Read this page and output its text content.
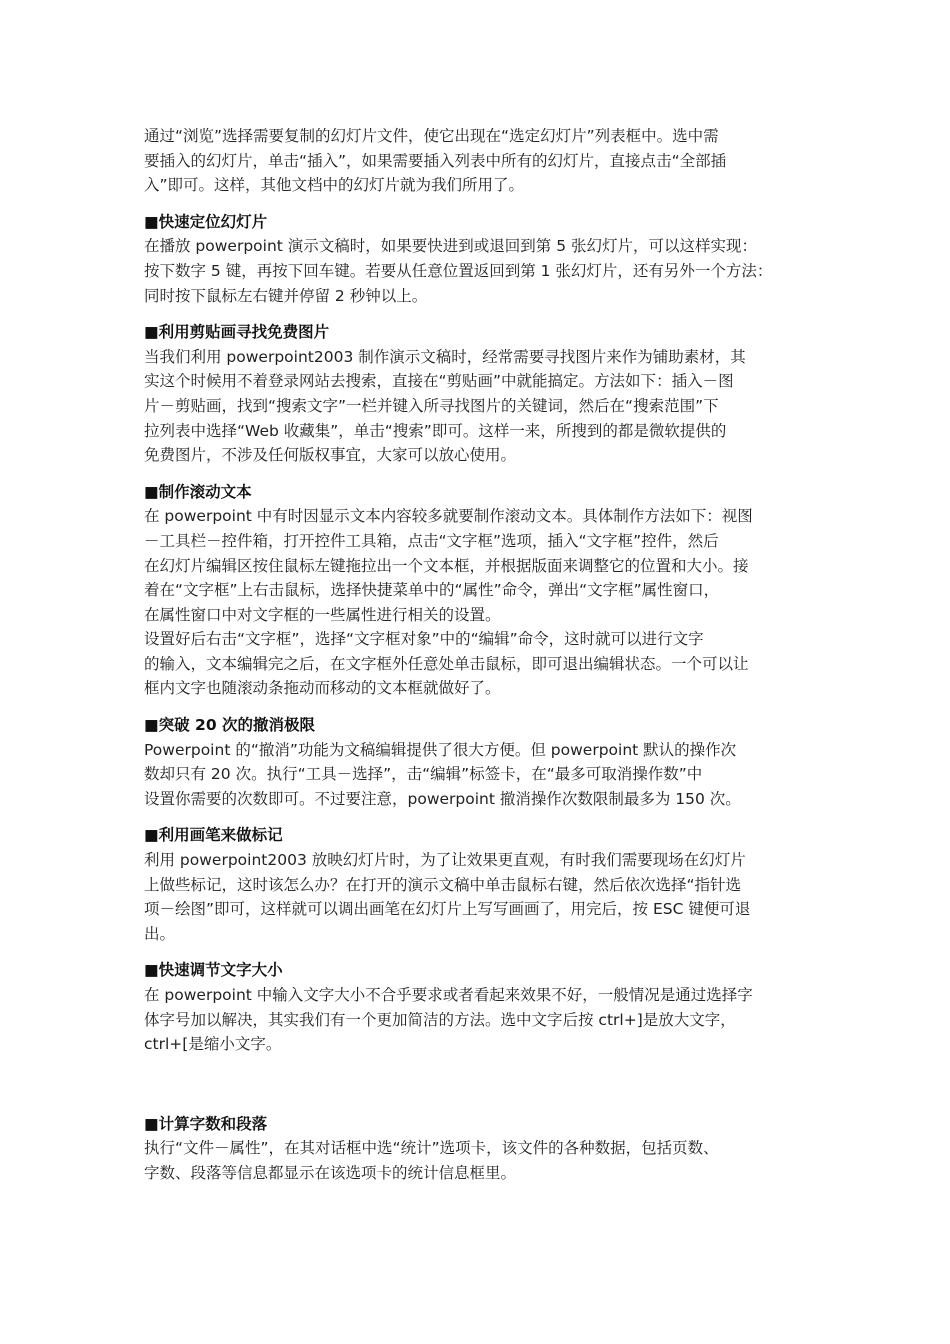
通过“浏览”选择需要复制的幻灯片文件，使它出现在“选定幻灯片”列表框中。选中需
要插入的幻灯片，单击“插入”，如果需要插入列表中所有的幻灯片，直接点击“全部插
入”即可。这样，其他文档中的幻灯片就为我们所用了。

■快速定位幻灯片

在播放 powerpoint 演示文稿时，如果要快进到或退回到第 5 张幻灯片，可以这样实现：
按下数字 5 键，再按下回车键。若要从任意位置返回到第 1 张幻灯片，还有另外一个方法：
同时按下鼠标左右键并停留 2 秒钟以上。

■利用剪贴画寻找免费图片

当我们利用 powerpoint2003 制作演示文稿时，经常需要寻找图片来作为铺助素材，其
实这个时候用不着登录网站去搜索，直接在“剪贴画”中就能搞定。方法如下：插入－图
片－剪贴画，找到“搜索文字”一栏并键入所寻找图片的关键词，然后在“搜索范围”下
拉列表中选择“Web 收藏集”，单击“搜索”即可。这样一来，所搜到的都是微软提供的
免费图片，不涉及任何版权事宜，大家可以放心使用。

■制作滚动文本

在 powerpoint 中有时因显示文本内容较多就要制作滚动文本。具体制作方法如下：视图
－工具栏－控件箱，打开控件工具箱，点击“文字框”选项，插入“文字框”控件，然后
在幻灯片编辑区按住鼠标左键拖拉出一个文本框，并根据版面来调整它的位置和大小。接
着在“文字框”上右击鼠标，选择快捷菜单中的“属性”命令，弹出“文字框”属性窗口，
在属性窗口中对文字框的一些属性进行相关的设置。

设置好后右击“文字框”，选择“文字框对象”中的“编辑”命令，这时就可以进行文字
的输入，文本编辑完之后，在文字框外任意处单击鼠标，即可退出编辑状态。一个可以让
框内文字也随滚动条拖动而移动的文本框就做好了。

■突破 20 次的撤消极限

Powerpoint 的“撤消”功能为文稿编辑提供了很大方便。但 powerpoint 默认的操作次
数却只有 20 次。执行“工具－选择”，击“编辑”标签卡，在“最多可取消操作数”中
设置你需要的次数即可。不过要注意，powerpoint 撤消操作次数限制最多为 150 次。

■利用画笔来做标记

利用 powerpoint2003 放映幻灯片时，为了让效果更直观，有时我们需要现场在幻灯片
上做些标记，这时该怎么办？在打开的演示文稿中单击鼠标右键，然后依次选择“指针选
项－绘图”即可，这样就可以调出画笔在幻灯片上写写画画了，用完后，按 ESC 键便可退
出。

■快速调节文字大小

在 powerpoint 中输入文字大小不合乎要求或者看起来效果不好，一般情况是通过选择字
体字号加以解决，其实我们有一个更加简洁的方法。选中文字后按 ctrl+]是放大文字，
ctrl+[是缩小文字。

■计算字数和段落

执行“文件－属性”，在其对话框中选“统计”选项卡，该文件的各种数据，包括页数、
字数、段落等信息都显示在该选项卡的统计信息框里。
